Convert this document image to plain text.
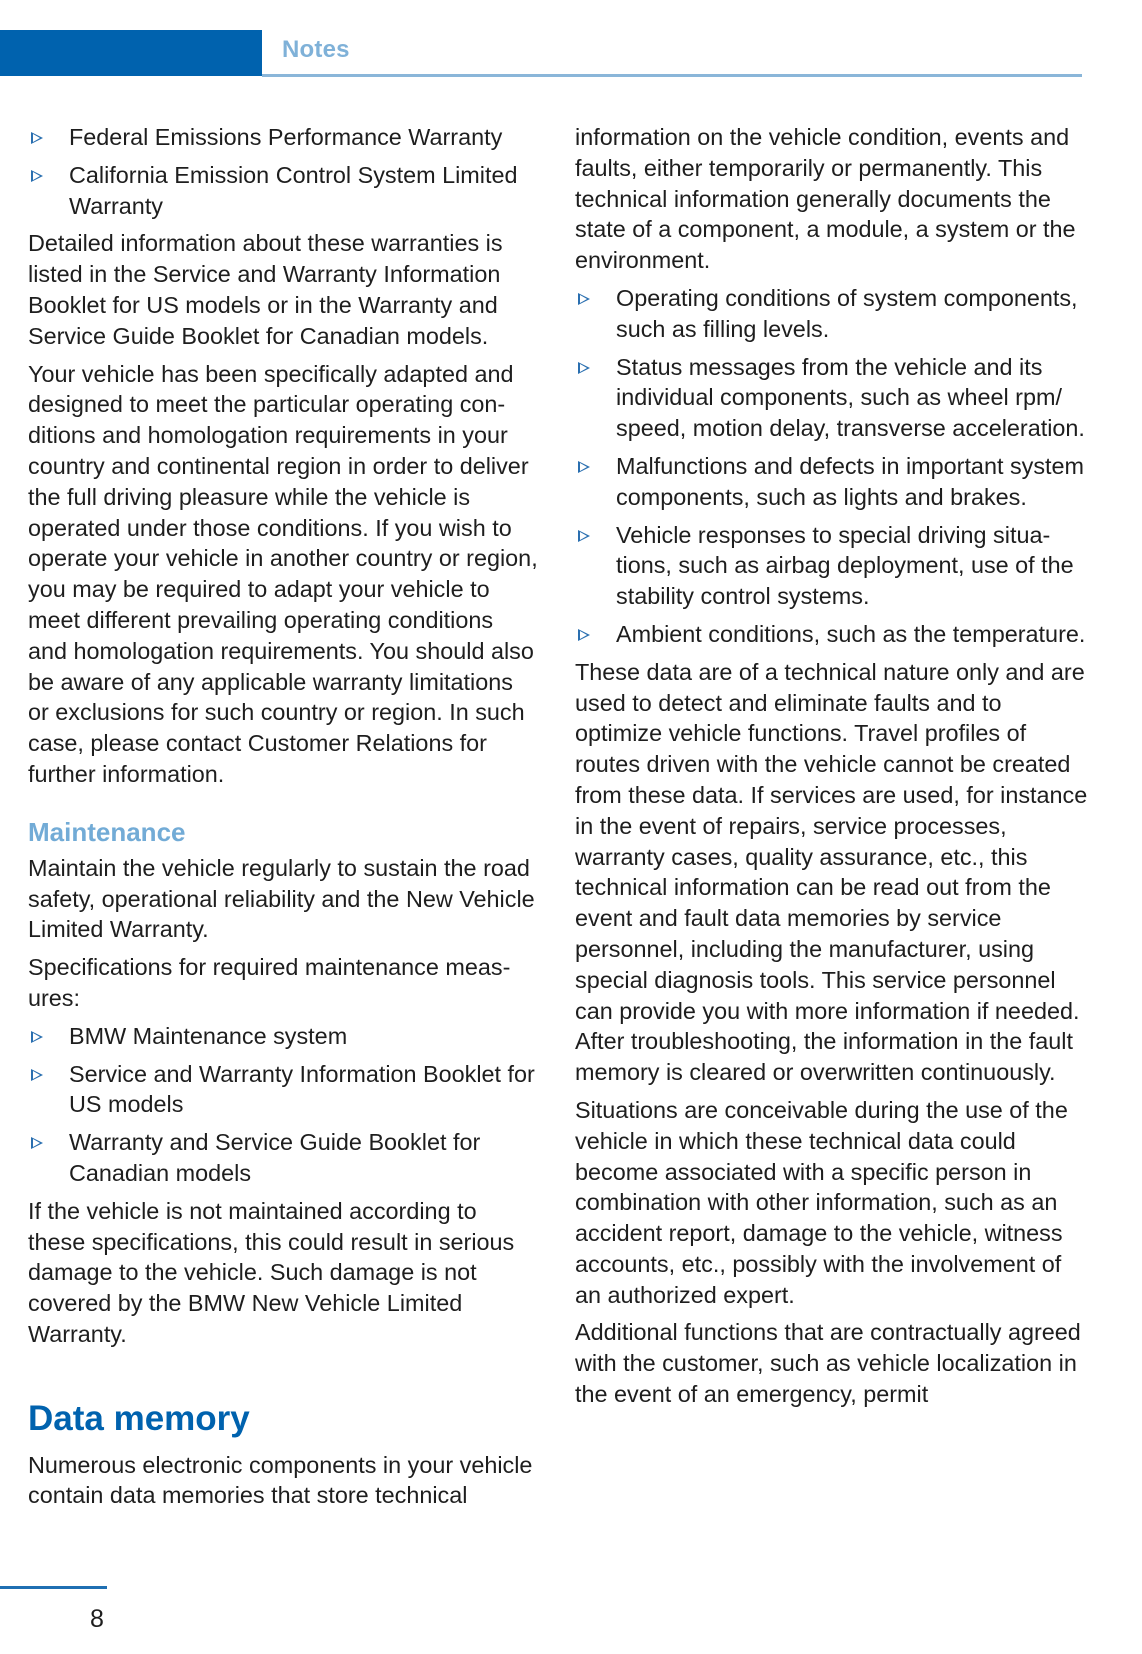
Notes
Federal Emissions Performance Warranty
California Emission Control System Limited Warranty

Detailed information about these warranties is listed in the Service and Warranty Information Booklet for US models or in the Warranty and Service Guide Booklet for Canadian models.

Your vehicle has been specifically adapted and designed to meet the particular operating conditions and homologation requirements in your country and continental region in order to deliver the full driving pleasure while the vehicle is operated under those conditions. If you wish to operate your vehicle in another country or region, you may be required to adapt your vehicle to meet different prevailing operating conditions and homologation requirements. You should also be aware of any applicable warranty limitations or exclusions for such country or region. In such case, please contact Customer Relations for further information.

Maintenance

Maintain the vehicle regularly to sustain the road safety, operational reliability and the New Vehicle Limited Warranty.

Specifications for required maintenance measures:

BMW Maintenance system
Service and Warranty Information Booklet for US models
Warranty and Service Guide Booklet for Canadian models

If the vehicle is not maintained according to these specifications, this could result in serious damage to the vehicle. Such damage is not covered by the BMW New Vehicle Limited Warranty.

Data memory

Numerous electronic components in your vehicle contain data memories that store technical

information on the vehicle condition, events and faults, either temporarily or permanently. This technical information generally documents the state of a component, a module, a system or the environment.

Operating conditions of system components, such as filling levels.
Status messages from the vehicle and its individual components, such as wheel rpm/ speed, motion delay, transverse acceleration.
Malfunctions and defects in important system components, such as lights and brakes.
Vehicle responses to special driving situations, such as airbag deployment, use of the stability control systems.
Ambient conditions, such as the temperature.

These data are of a technical nature only and are used to detect and eliminate faults and to optimize vehicle functions. Travel profiles of routes driven with the vehicle cannot be created from these data. If services are used, for instance in the event of repairs, service processes, warranty cases, quality assurance, etc., this technical information can be read out from the event and fault data memories by service personnel, including the manufacturer, using special diagnosis tools. This service personnel can provide you with more information if needed. After troubleshooting, the information in the fault memory is cleared or overwritten continuously.

Situations are conceivable during the use of the vehicle in which these technical data could become associated with a specific person in combination with other information, such as an accident report, damage to the vehicle, witness accounts, etc., possibly with the involvement of an authorized expert.

Additional functions that are contractually agreed with the customer, such as vehicle localization in the event of an emergency, permit

8
